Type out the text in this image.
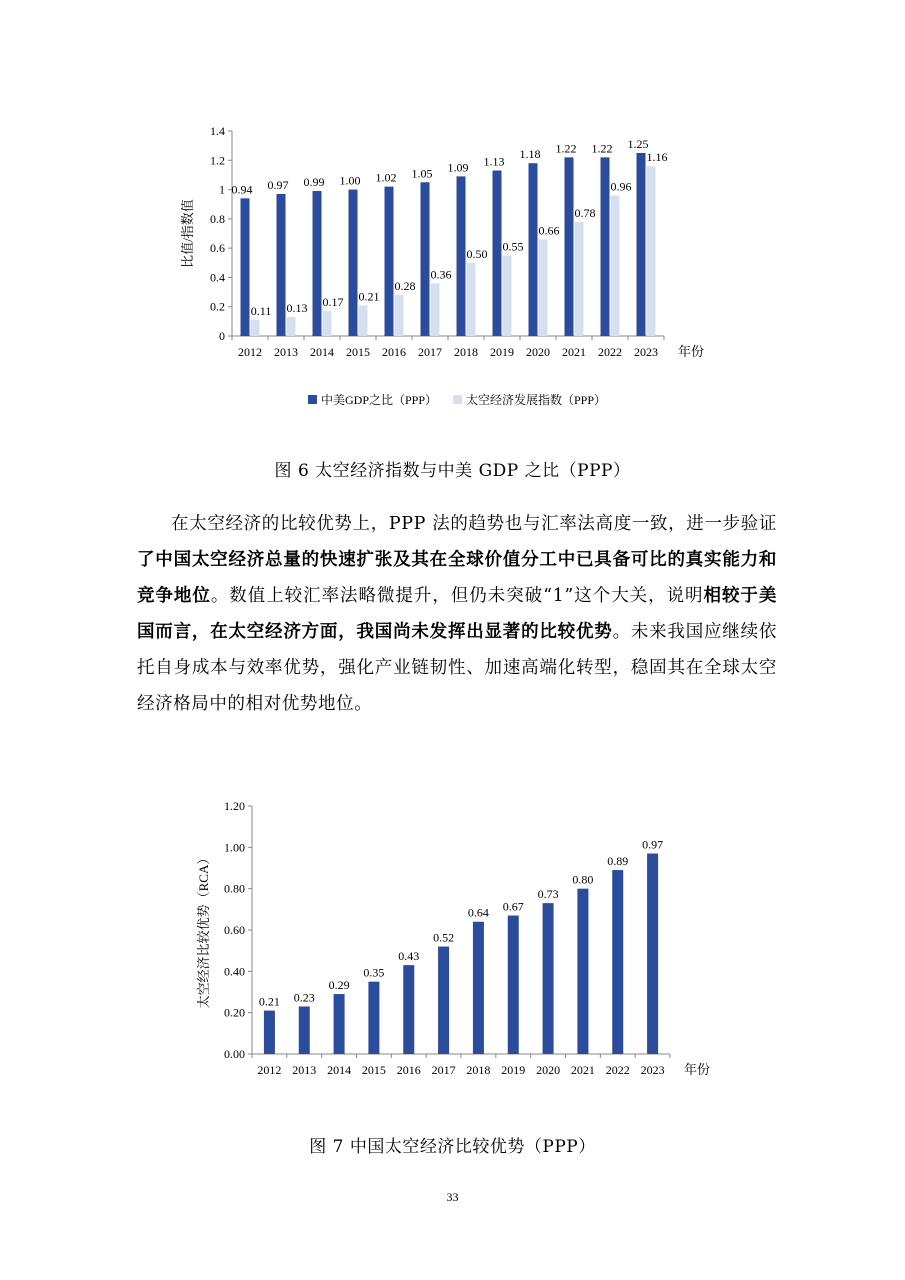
0
0.2
0.4
0.6
0.8
1
1.2
1.4
2012 2013 2014 2015 2016 2017 2018 2019 2020 2021 2022 2023 年份
比值/指数值
0.94 0.97 0.99 1.00 1.02 1.05 1.09 1.13
1.18 1.22 1.22 1.25
0.11 0.13 0.17 0.21
0.28
0.36
0.50
0.55
0.66
0.78
0.96
1.16
中美GDP之比（PPP） 太空经济发展指数（PPP）
图 6 太空经济指数与中美 GDP 之比（PPP）
在太空经济的比较优势上，PPP 法的趋势也与汇率法高度一致，进一步验证了中国太空经济总量的快速扩张及其在全球价值分工中已具备可比的真实能力和竞争地位。数值上较汇率法略微提升，但仍未突破“1”这个大关，说明相较于美国而言，在太空经济方面，我国尚未发挥出显著的比较优势。未来我国应继续依托自身成本与效率优势，强化产业链韧性、加速高端化转型，稳固其在全球太空经济格局中的相对优势地位。
0.00
0.20
0.40
0.60
0.80
1.00
1.20
2012 2013 2014 2015 2016 2017 2018 2019 2020 2021 2022 2023 年份
太空经济比较优势（RCA）	0.21 0.23
0.29
0.35
0.43
0.52
0.64 0.67
0.73
0.80
0.89
0.97
图 7 中国太空经济比较优势（PPP）
33
